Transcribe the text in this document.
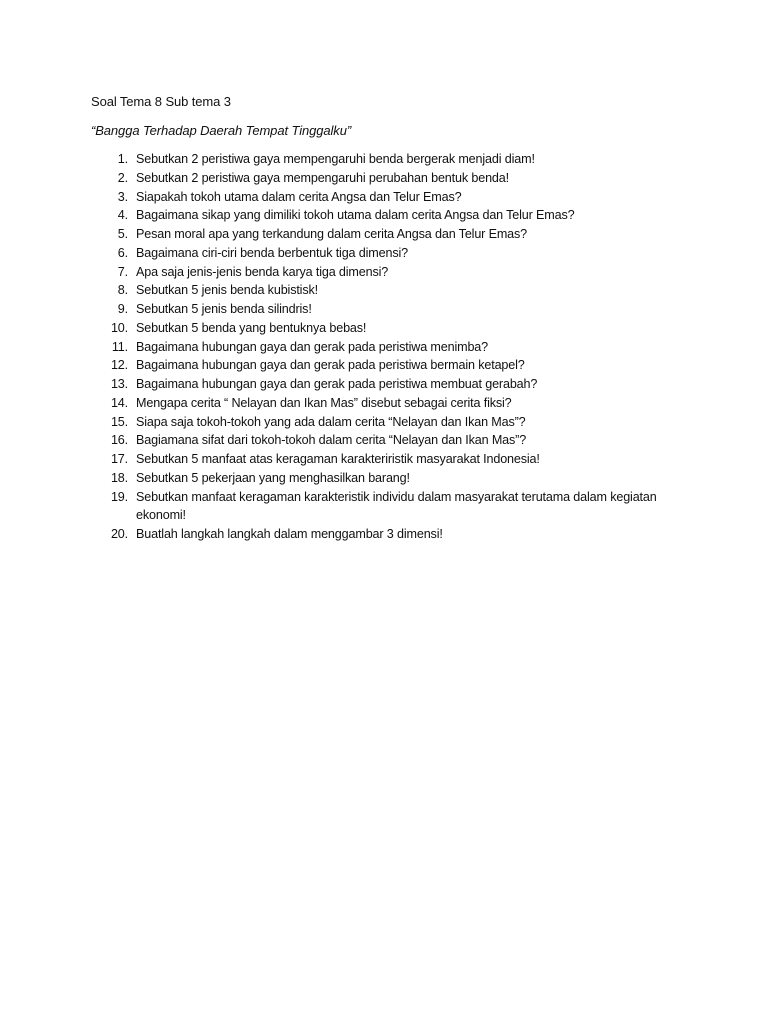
Soal Tema 8 Sub tema 3
“Bangga Terhadap Daerah Tempat Tinggalku”
1. Sebutkan 2 peristiwa gaya mempengaruhi benda bergerak menjadi diam!
2. Sebutkan 2 peristiwa gaya mempengaruhi perubahan bentuk benda!
3. Siapakah tokoh utama dalam cerita Angsa dan Telur Emas?
4. Bagaimana sikap yang dimiliki tokoh utama dalam cerita Angsa dan Telur Emas?
5. Pesan moral apa yang terkandung dalam cerita Angsa dan Telur Emas?
6. Bagaimana ciri-ciri benda berbentuk tiga dimensi?
7. Apa saja jenis-jenis benda karya tiga dimensi?
8. Sebutkan 5 jenis benda kubistisk!
9. Sebutkan 5 jenis benda silindris!
10. Sebutkan 5 benda yang bentuknya bebas!
11. Bagaimana hubungan gaya dan gerak pada peristiwa menimba?
12. Bagaimana hubungan gaya dan gerak pada peristiwa bermain ketapel?
13. Bagaimana hubungan gaya dan gerak pada peristiwa membuat gerabah?
14. Mengapa cerita “ Nelayan dan Ikan Mas” disebut sebagai cerita fiksi?
15. Siapa saja tokoh-tokoh yang ada dalam cerita “Nelayan dan Ikan Mas”?
16. Bagiamana sifat dari tokoh-tokoh dalam cerita “Nelayan dan Ikan Mas”?
17. Sebutkan 5 manfaat atas keragaman karakteriristik masyarakat Indonesia!
18. Sebutkan 5 pekerjaan yang menghasilkan barang!
19. Sebutkan manfaat keragaman karakteristik individu dalam masyarakat terutama dalam kegiatan ekonomi!
20. Buatlah langkah langkah dalam menggambar 3 dimensi!
